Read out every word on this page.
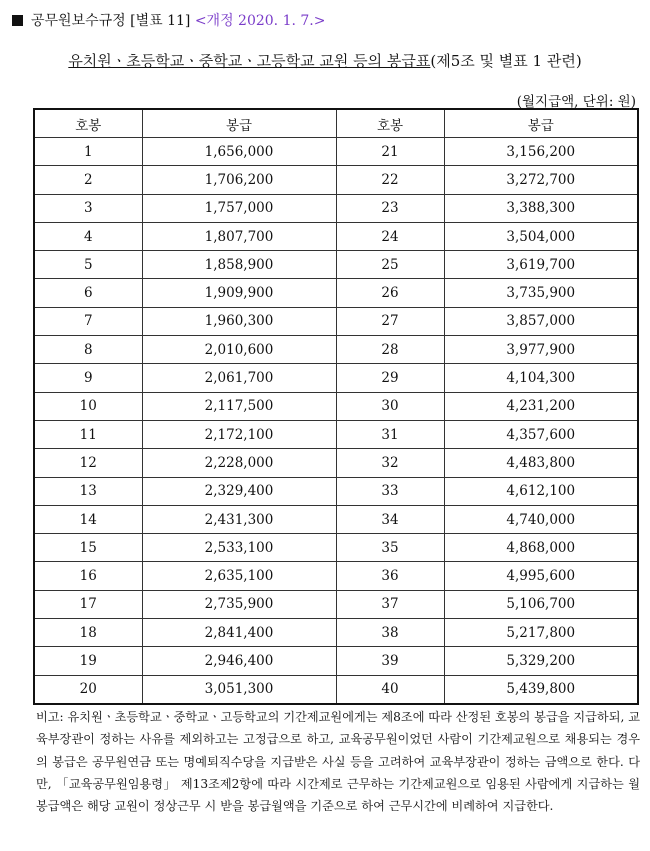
공무원보수규정 [별표 11] <개정 2020. 1. 7.>
유치원ㆍ초등학교ㆍ중학교ㆍ고등학교 교원 등의 봉급표(제5조 및 별표 1 관련)
(월지급액, 단위: 원)
호봉	봉급	호봉	봉급
1	1,656,000	21	3,156,200
2	1,706,200	22	3,272,700
3	1,757,000	23	3,388,300
4	1,807,700	24	3,504,000
5	1,858,900	25	3,619,700
6	1,909,900	26	3,735,900
7	1,960,300	27	3,857,000
8	2,010,600	28	3,977,900
9	2,061,700	29	4,104,300
10	2,117,500	30	4,231,200
11	2,172,100	31	4,357,600
12	2,228,000	32	4,483,800
13	2,329,400	33	4,612,100
14	2,431,300	34	4,740,000
15	2,533,100	35	4,868,000
16	2,635,100	36	4,995,600
17	2,735,900	37	5,106,700
18	2,841,400	38	5,217,800
19	2,946,400	39	5,329,200
20	3,051,300	40	5,439,800
비고: 유치원ㆍ초등학교ㆍ중학교ㆍ고등학교의 기간제교원에게는 제8조에 따라 산정된 호봉의 봉급을 지급하되, 교육부장관이 정하는 사유를 제외하고는 고정급으로 하고, 교육공무원이었던 사람이 기간제교원으로 채용되는 경우의 봉급은 공무원연금 또는 명예퇴직수당을 지급받은 사실 등을 고려하여 교육부장관이 정하는 금액으로 한다. 다만, 「교육공무원임용령」 제13조제2항에 따라 시간제로 근무하는 기간제교원으로 임용된 사람에게 지급하는 월봉급액은 해당 교원이 정상근무 시 받을 봉급월액을 기준으로 하여 근무시간에 비례하여 지급한다.
